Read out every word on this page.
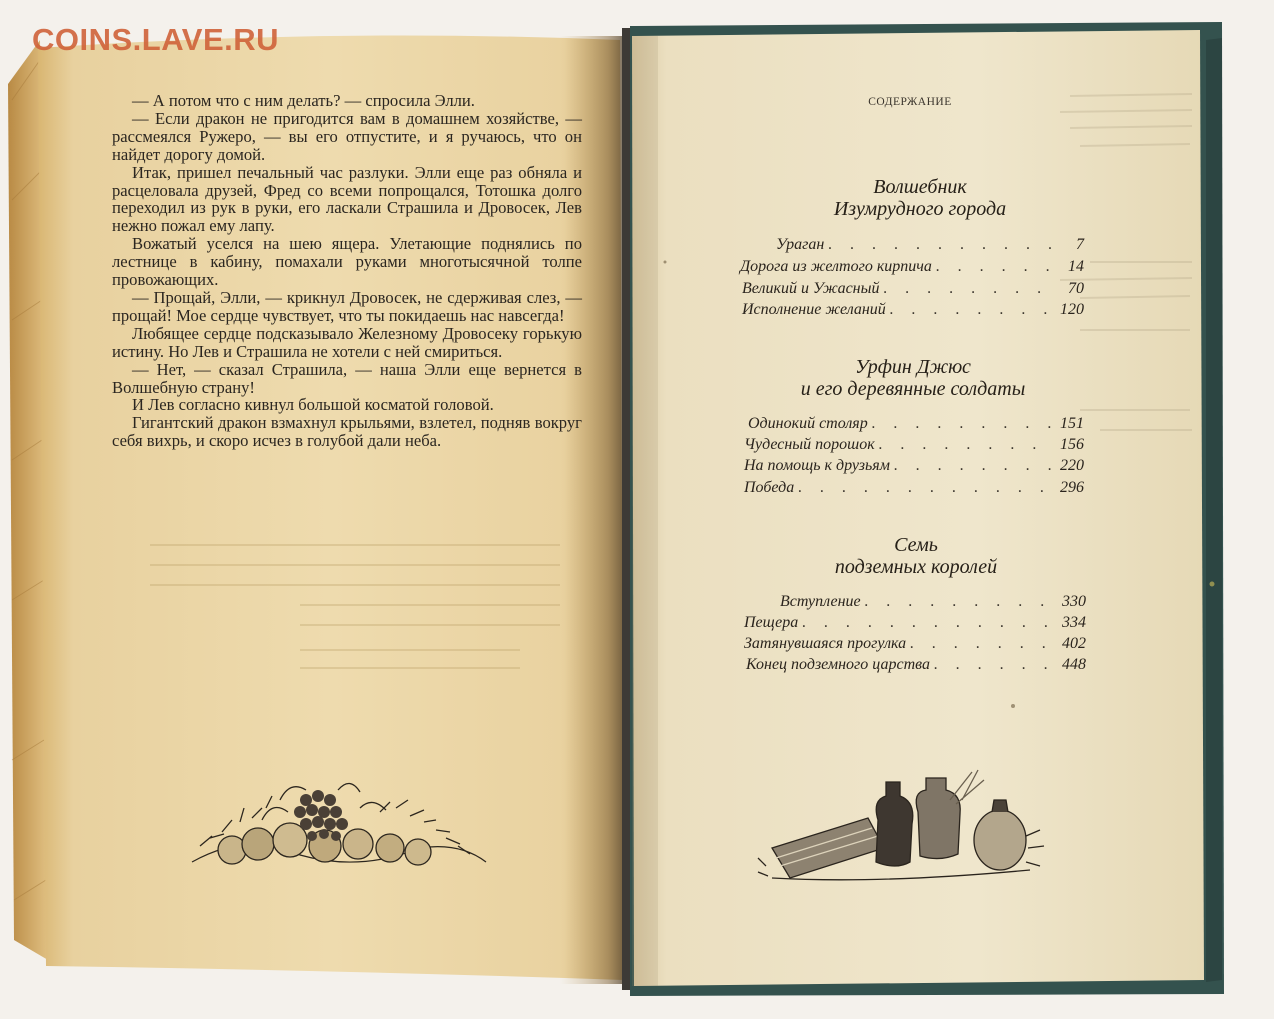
COINS.LAVE.RU

— А потом что с ним делать? — спросила Элли.

— Если дракон не пригодится вам в домашнем хозяйстве, — рассмеялся Ружеро, — вы его отпустите, и я ручаюсь, что он найдет дорогу домой.

Итак, пришел печальный час разлуки. Элли еще раз обняла и расцеловала друзей, Фред со всеми попрощался, Тотошка долго переходил из рук в руки, его ласкали Страшила и Дровосек, Лев нежно пожал ему лапу.

Вожатый уселся на шею ящера. Улетающие поднялись по лестнице в кабину, помахали руками многотысячной толпе провожающих.

— Прощай, Элли, — крикнул Дровосек, не сдерживая слез, — прощай! Мое сердце чувствует, что ты покидаешь нас навсегда!

Любящее сердце подсказывало Железному Дровосеку горькую истину. Но Лев и Страшила не хотели с ней смириться.

— Нет, — сказал Страшила, — наша Элли еще вернется в Волшебную страну!

И Лев согласно кивнул большой косматой головой.

Гигантский дракон взмахнул крыльями, взлетел, подняв вокруг себя вихрь, и скоро исчез в голубой дали неба.

СОДЕРЖАНИЕ
Волшебник
Изумрудного города
Ураган . . .	7
Дорога из желтого кирпича . . .	14
Великий и Ужасный . . .	70
Исполнение желаний . . .	120
Урфин Джюс
и его деревянные солдаты
Одинокий столяр . . .	151
Чудесный порошок . . .	156
На помощь к друзьям . . .	220
Победа . . .	296
Семь
подземных королей
Вступление . . .	330
Пещера . . .	334
Затянувшаяся прогулка . . .	402
Конец подземного царства . . .	448
